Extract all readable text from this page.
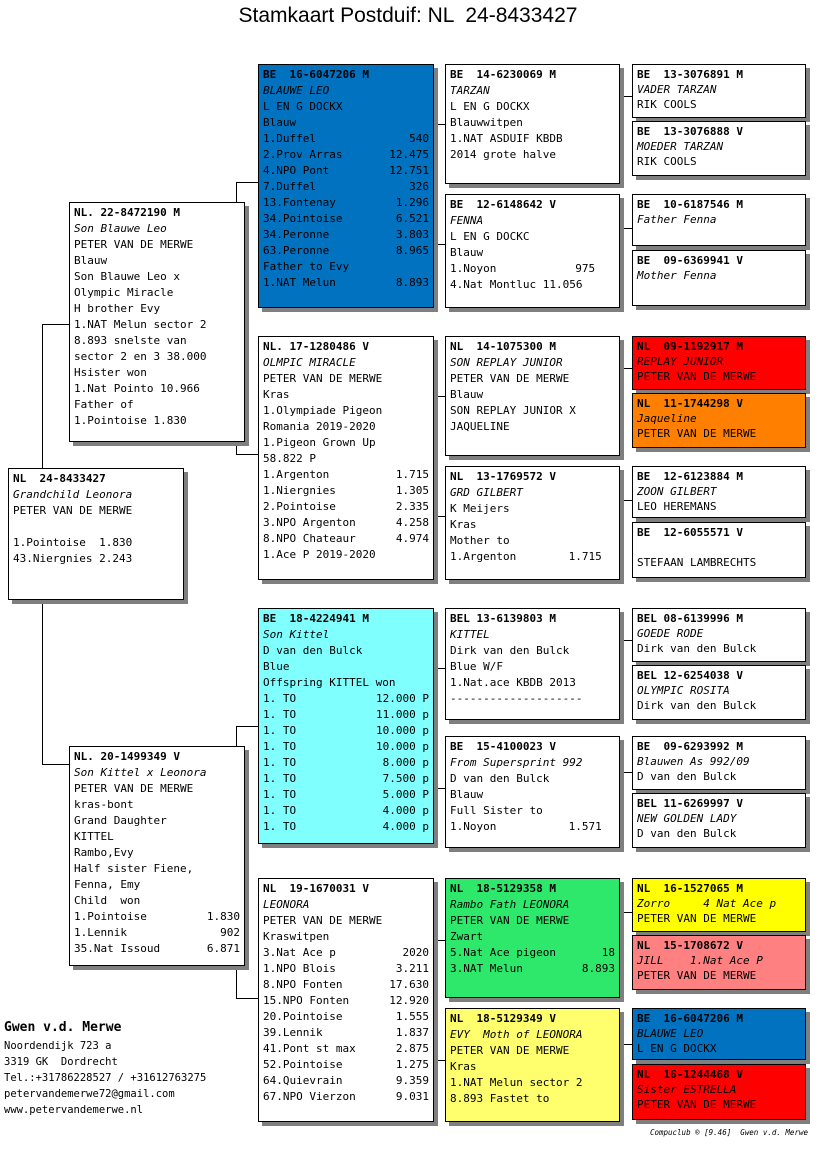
Stamkaart Postduif: NL  24-8433427
NL  24-8433427
Grandchild Leonora
PETER VAN DE MERWE
1.Pointoise  1.830
43.Niergnies 2.243
NL. 22-8472190 M
Son Blauwe Leo
PETER VAN DE MERWE
Blauw
Son Blauwe Leo x
Olympic Miracle
H brother Evy
1.NAT Melun sector 2
8.893 snelste van
sector 2 en 3 38.000
Hsister won
1.Nat Pointo 10.966
Father of
1.Pointoise 1.830
NL. 20-1499349 V
Son Kittel x Leonora
PETER VAN DE MERWE
kras-bont
Grand Daughter
KITTEL
Rambo,Evy
Half sister Fiene,
Fenna, Emy
Child  won
1.Pointoise	1.830
1.Lennik	902
35.Nat Issoud	6.871
BE  16-6047206 M
BLAUWE LEO
L EN G DOCKX
Blauw
1.Duffel	540
2.Prov Arras	12.475
4.NPO Pont	12.751
7.Duffel	326
13.Fontenay	1.296
34.Pointoise	6.521
34.Peronne	3.803
63.Peronne	8.965
Father to Evy
1.NAT Melun	8.893
NL. 17-1280486 V
OLMPIC MIRACLE
PETER VAN DE MERWE
Kras
1.Olympiade Pigeon
Romania 2019-2020
1.Pigeon Grown Up
58.822 P
1.Argenton	1.715
1.Niergnies	1.305
2.Pointoise	2.335
3.NPO Argenton	4.258
8.NPO Chateaur	4.974
1.Ace P 2019-2020
BE  18-4224941 M
Son Kittel
D van den Bulck
Blue
Offspring KITTEL won
1. TO	12.000 P
1. TO	11.000 p
1. TO	10.000 p
1. TO	10.000 p
1. TO	8.000 p
1. TO	7.500 p
1. TO	5.000 P
1. TO	4.000 p
1. TO	4.000 p
NL  19-1670031 V
LEONORA
PETER VAN DE MERWE
Kraswitpen
3.Nat Ace p	2020
1.NPO Blois	3.211
8.NPO Fonten	17.630
15.NPO Fonten	12.920
20.Pointoise	1.555
39.Lennik	1.837
41.Pont st max	2.875
52.Pointoise	1.275
64.Quievrain	9.359
67.NPO Vierzon	9.031
BE  14-6230069 M
TARZAN
L EN G DOCKX
Blauwwitpen
1.NAT ASDUIF KBDB
2014 grote halve
BE  12-6148642 V
FENNA
L EN G DOCKC
Blauw
1.Noyon	975
4.Nat Montluc 11.056
NL  14-1075300 M
SON REPLAY JUNIOR
PETER VAN DE MERWE
Blauw
SON REPLAY JUNIOR X
JAQUELINE
NL  13-1769572 V
GRD GILBERT
K Meijers
Kras
Mother to
1.Argenton	1.715
BEL 13-6139803 M
KITTEL
Dirk van den Bulck
Blue W/F
1.Nat.ace KBDB 2013
--------------------
BE  15-4100023 V
From Supersprint 992
D van den Bulck
Blauw
Full Sister to
1.Noyon	1.571
NL  18-5129358 M
Rambo Fath LEONORA
PETER VAN DE MERWE
Zwart
5.Nat Ace pigeon	18
3.NAT Melun	8.893
NL  18-5129349 V
EVY  Moth of LEONORA
PETER VAN DE MERWE
Kras
1.NAT Melun sector 2
8.893 Fastet to
BE  13-3076891 M
VADER TARZAN
RIK COOLS
BE  13-3076888 V
MOEDER TARZAN
RIK COOLS
BE  10-6187546 M
Father Fenna
BE  09-6369941 V
Mother Fenna
NL  09-1192917 M
REPLAY JUNIOR
PETER VAN DE MERWE
NL  11-1744298 V
Jaqueline
PETER VAN DE MERWE
BE  12-6123884 M
ZOON GILBERT
LEO HEREMANS
BE  12-6055571 V
STEFAAN LAMBRECHTS
BEL 08-6139996 M
GOEDE RODE
Dirk van den Bulck
BEL 12-6254038 V
OLYMPIC ROSITA
Dirk van den Bulck
BE  09-6293992 M
Blauwen As 992/09
D van den Bulck
BEL 11-6269997 V
NEW GOLDEN LADY
D van den Bulck
NL  16-1527065 M
Zorro     4 Nat Ace p
PETER VAN DE MERWE
NL  15-1708672 V
JILL    1.Nat Ace P
PETER VAN DE MERWE
BE  16-6047206 M
BLAUWE LEO
L EN G DOCKX
NL  16-1244468 V
Sister ESTRELLA
PETER VAN DE MERWE
Gwen v.d. Merwe
Noordendijk 723 a
3319 GK  Dordrecht
Tel.:+31786228527 / +31612763275
petervandemerwe72@gmail.com
www.petervandemerwe.nl
Compuclub ® [9.46]  Gwen v.d. Merwe
